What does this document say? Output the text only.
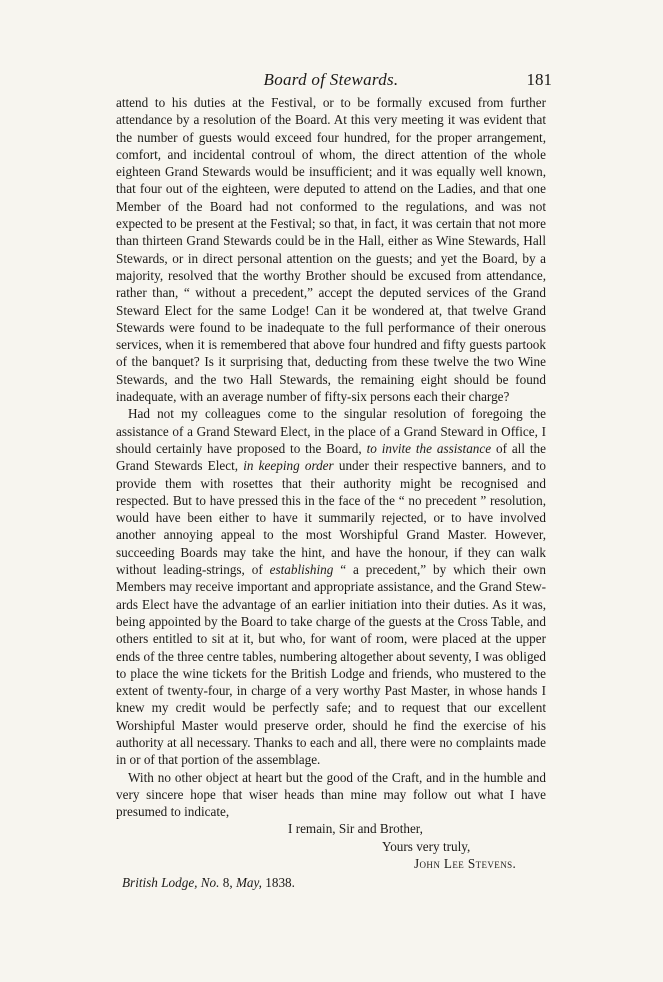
Board of Stewards.	181

attend to his duties at the Festival, or to be formally excused from further attendance by a resolution of the Board. At this very meeting it was evident that the number of guests would exceed four hundred, for the proper arrangement, comfort, and incidental controul of whom, the direct attention of the whole eighteen Grand Stewards would be insufficient; and it was equally well known, that four out of the eighteen, were deputed to attend on the Ladies, and that one Member of the Board had not conformed to the regulations, and was not expected to be present at the Festival; so that, in fact, it was certain that not more than thirteen Grand Stewards could be in the Hall, either as Wine Stewards, Hall Stewards, or in direct personal attention on the guests; and yet the Board, by a majority, resolved that the worthy Brother should be excused from attendance, rather than, “ without a precedent,” accept the deputed services of the Grand Steward Elect for the same Lodge! Can it be wondered at, that twelve Grand Stewards were found to be inadequate to the full performance of their onerous services, when it is remembered that above four hundred and fifty guests partook of the banquet? Is it surprising that, deducting from these twelve the two Wine Stewards, and the two Hall Stewards, the remaining eight should be found inadequate, with an average number of fifty-six persons each their charge?

Had not my colleagues come to the singular resolution of foregoing the assistance of a Grand Steward Elect, in the place of a Grand Steward in Office, I should certainly have proposed to the Board, to invite the assistance of all the Grand Stewards Elect, in keeping order under their respective banners, and to provide them with rosettes that their authority might be recognised and respected. But to have pressed this in the face of the “ no precedent ” resolution, would have been either to have it summarily rejected, or to have involved another annoying appeal to the most Worshipful Grand Master. However, succeeding Boards may take the hint, and have the honour, if they can walk without leading-strings, of establishing “ a precedent,” by which their own Members may receive important and appropriate assistance, and the Grand Stewards Elect have the advantage of an earlier initiation into their duties. As it was, being appointed by the Board to take charge of the guests at the Cross Table, and others entitled to sit at it, but who, for want of room, were placed at the upper ends of the three centre tables, numbering altogether about seventy, I was obliged to place the wine tickets for the British Lodge and friends, who mustered to the extent of twenty-four, in charge of a very worthy Past Master, in whose hands I knew my credit would be perfectly safe; and to request that our excellent Worshipful Master would preserve order, should he find the exercise of his authority at all necessary. Thanks to each and all, there were no complaints made in or of that portion of the assemblage.

With no other object at heart but the good of the Craft, and in the humble and very sincere hope that wiser heads than mine may follow out what I have presumed to indicate,

I remain, Sir and Brother,
Yours very truly,
John Lee Stevens.
British Lodge, No. 8, May, 1838.
